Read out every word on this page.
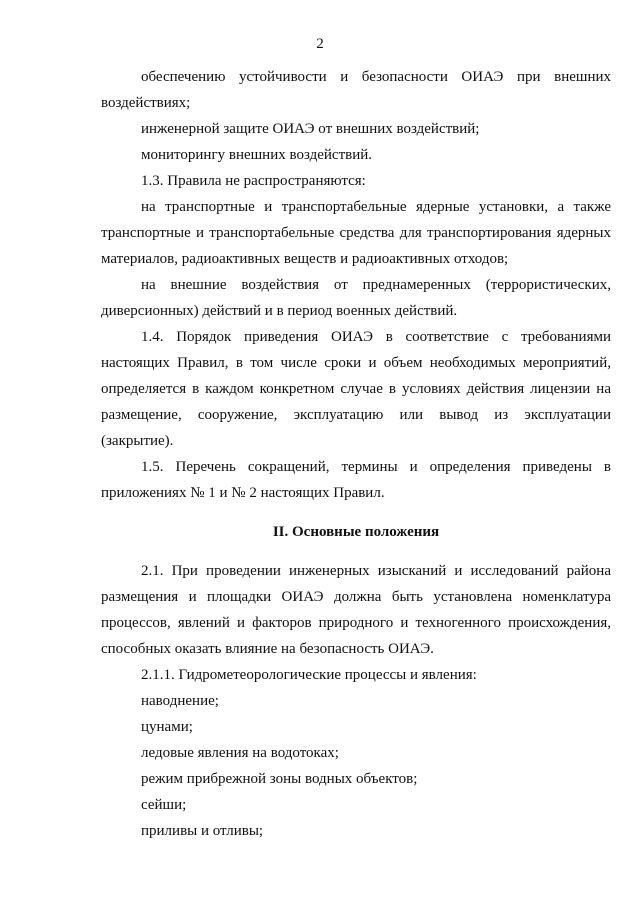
2

обеспечению устойчивости и безопасности ОИАЭ при внешних воздействиях;

инженерной защите ОИАЭ от внешних воздействий;

мониторингу внешних воздействий.

1.3. Правила не распространяются:

на транспортные и транспортабельные ядерные установки, а также транспортные и транспортабельные средства для транспортирования ядерных материалов, радиоактивных веществ и радиоактивных отходов;

на внешние воздействия от преднамеренных (террористических, диверсионных) действий и в период военных действий.

1.4. Порядок приведения ОИАЭ в соответствие с требованиями настоящих Правил, в том числе сроки и объем необходимых мероприятий, определяется в каждом конкретном случае в условиях действия лицензии на размещение, сооружение, эксплуатацию или вывод из эксплуатации (закрытие).

1.5. Перечень сокращений, термины и определения приведены в приложениях № 1 и № 2 настоящих Правил.

II. Основные положения

2.1. При проведении инженерных изысканий и исследований района размещения и площадки ОИАЭ должна быть установлена номенклатура процессов, явлений и факторов природного и техногенного происхождения, способных оказать влияние на безопасность ОИАЭ.

2.1.1. Гидрометеорологические процессы и явления:

наводнение;

цунами;

ледовые явления на водотоках;

режим прибрежной зоны водных объектов;

сейши;

приливы и отливы;
